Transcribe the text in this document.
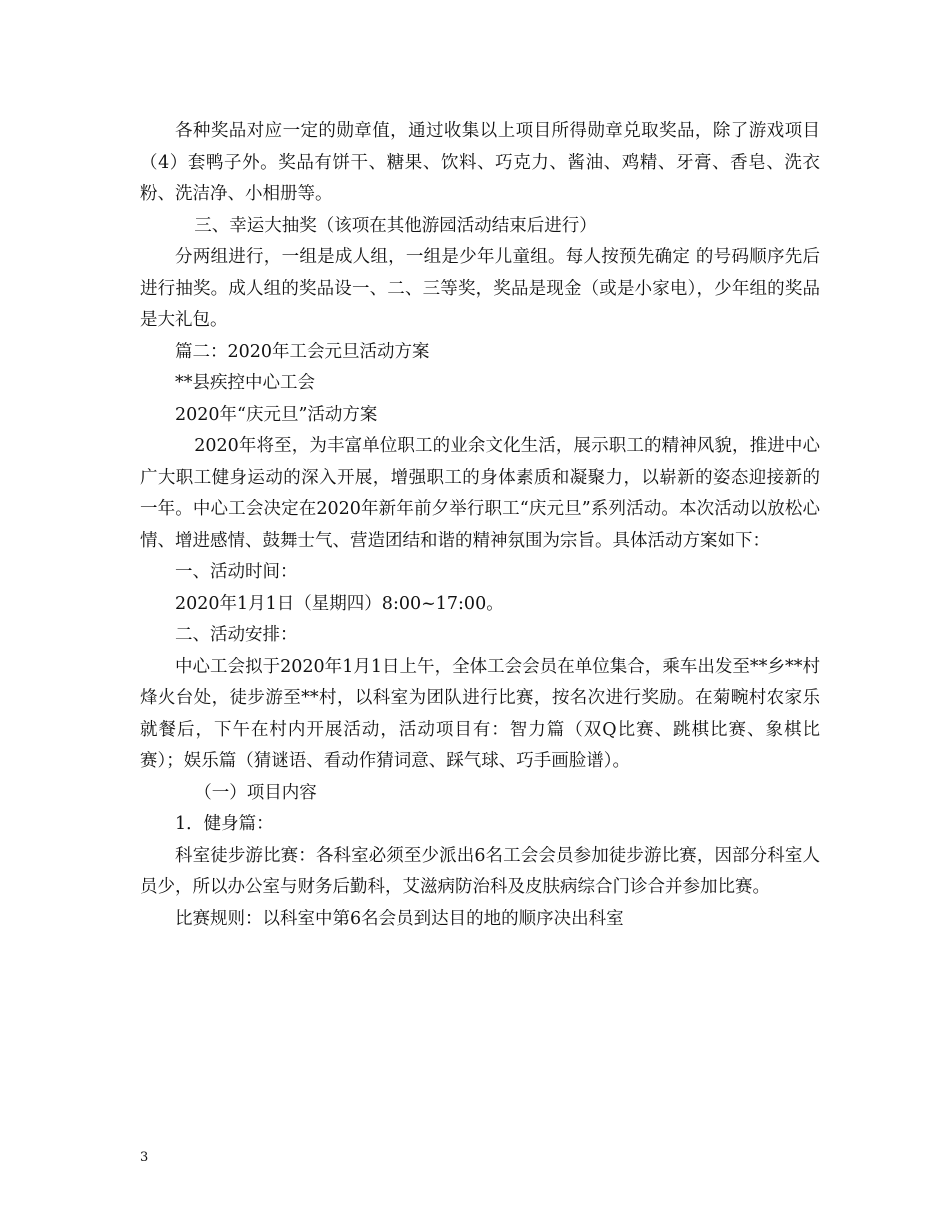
各种奖品对应一定的勋章值，通过收集以上项目所得勋章兑取奖品，除了游戏项目（4）套鸭子外。奖品有饼干、糖果、饮料、巧克力、酱油、鸡精、牙膏、香皂、洗衣粉、洗洁净、小相册等。

三、幸运大抽奖（该项在其他游园活动结束后进行）

分两组进行，一组是成人组，一组是少年儿童组。每人按预先确定 的号码顺序先后进行抽奖。成人组的奖品设一、二、三等奖，奖品是现金（或是小家电），少年组的奖品是大礼包。

篇二：2020年工会元旦活动方案

**县疾控中心工会

2020年“庆元旦”活动方案

2020年将至，为丰富单位职工的业余文化生活，展示职工的精神风貌，推进中心广大职工健身运动的深入开展，增强职工的身体素质和凝聚力，以崭新的姿态迎接新的一年。中心工会决定在2020年新年前夕举行职工“庆元旦”系列活动。本次活动以放松心情、增进感情、鼓舞士气、营造团结和谐的精神氛围为宗旨。具体活动方案如下：

一、活动时间：

2020年1月1日（星期四）8:00~17:00。

二、活动安排：

中心工会拟于2020年1月1日上午，全体工会会员在单位集合，乘车出发至**乡**村烽火台处，徒步游至**村，以科室为团队进行比赛，按名次进行奖励。在菊畹村农家乐就餐后，下午在村内开展活动，活动项目有：智力篇（双Q比赛、跳棋比赛、象棋比赛）；娱乐篇（猜谜语、看动作猜词意、踩气球、巧手画脸谱）。

（一）项目内容

1．健身篇：

科室徒步游比赛：各科室必须至少派出6名工会会员参加徒步游比赛，因部分科室人员少，所以办公室与财务后勤科，艾滋病防治科及皮肤病综合门诊合并参加比赛。

比赛规则：以科室中第6名会员到达目的地的顺序决出科室

3
